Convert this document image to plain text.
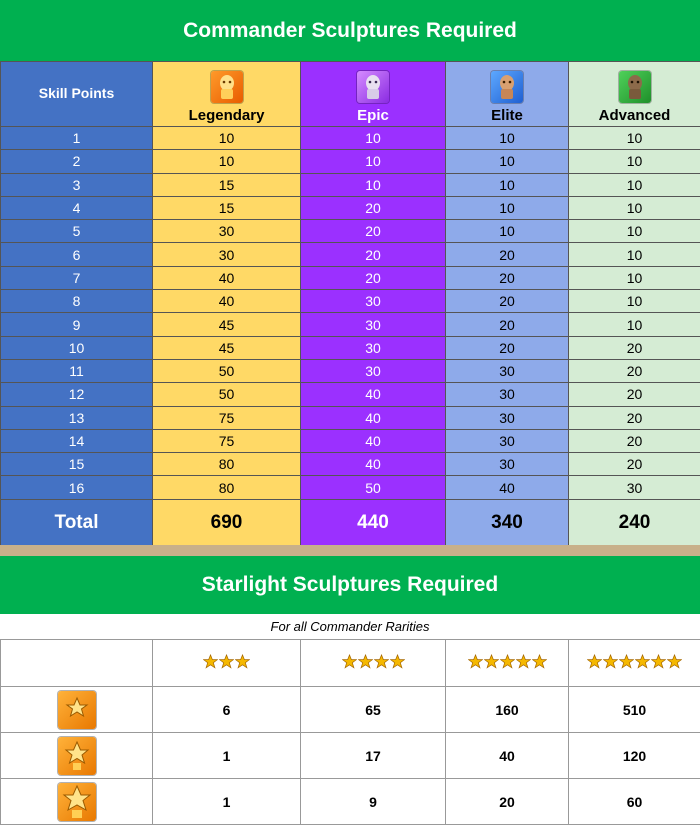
Commander Sculptures Required
Skill Points	Legendary	Epic	Elite	Advanced
1	10	10	10	10
2	10	10	10	10
3	15	10	10	10
4	15	20	10	10
5	30	20	10	10
6	30	20	20	10
7	40	20	20	10
8	40	30	20	10
9	45	30	20	10
10	45	30	20	20
11	50	30	30	20
12	50	40	30	20
13	75	40	30	20
14	75	40	30	20
15	80	40	30	20
16	80	50	40	30
Total	690	440	340	240
Starlight Sculptures Required
For all Commander Rarities

	6	65	160	510

	1	17	40	120

	1	9	20	60
